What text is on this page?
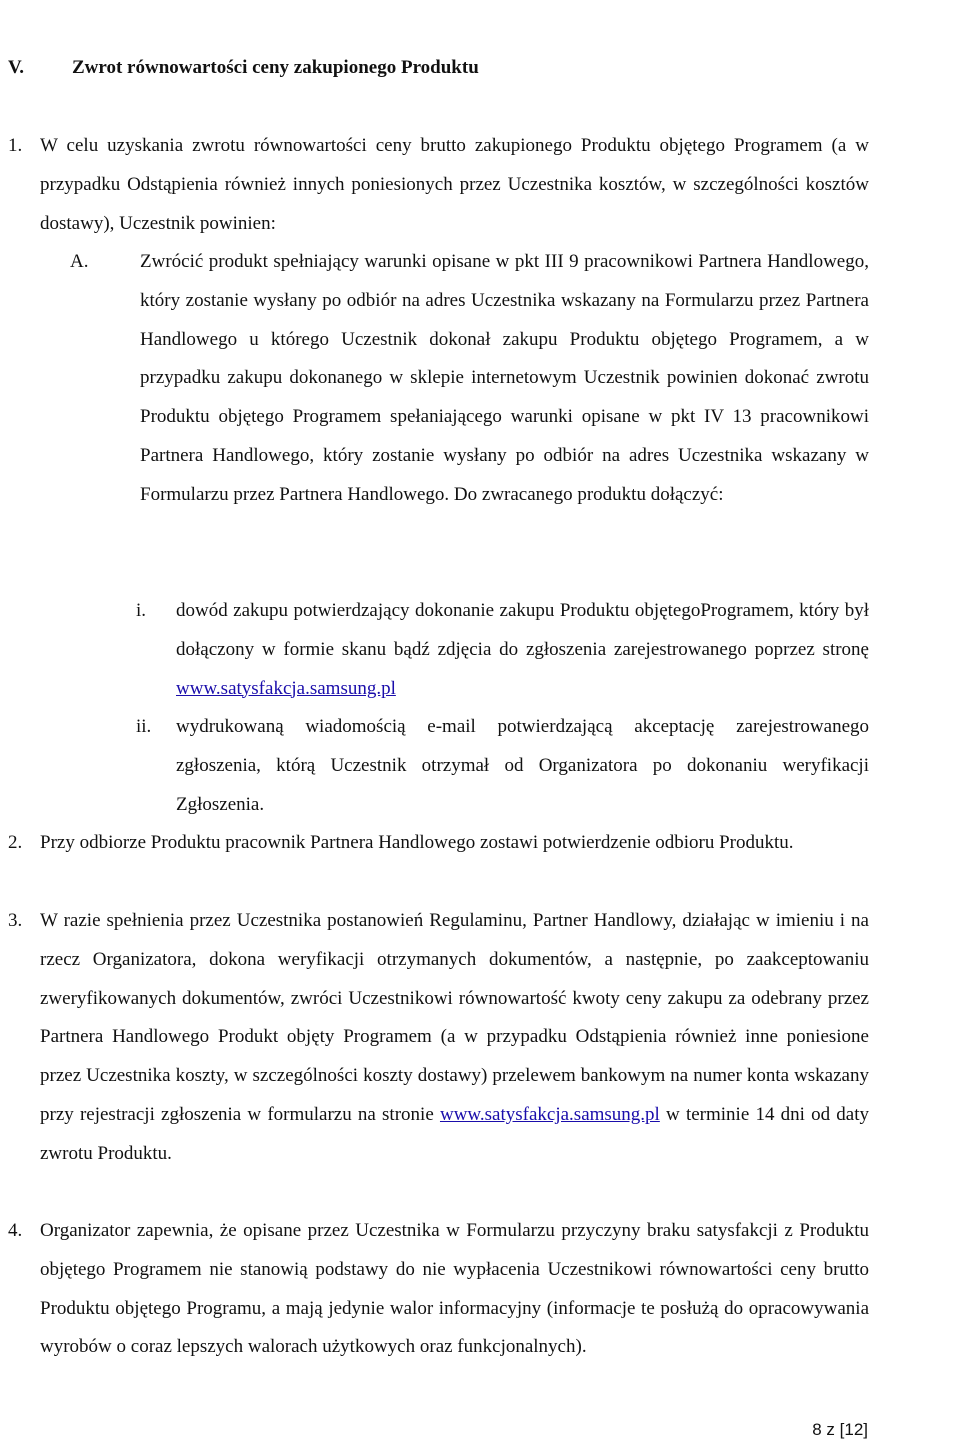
V.	Zwrot równowartości ceny zakupionego Produktu
1. W celu uzyskania zwrotu równowartości ceny brutto zakupionego Produktu objętego Programem (a w przypadku Odstąpienia również innych poniesionych przez Uczestnika kosztów, w szczególności kosztów dostawy), Uczestnik powinien:
A.	Zwrócić produkt spełniający warunki opisane w pkt III 9 pracownikowi Partnera Handlowego, który zostanie wysłany po odbiór na adres Uczestnika wskazany na Formularzu przez Partnera Handlowego u którego Uczestnik dokonał zakupu Produktu objętego Programem, a w przypadku zakupu dokonanego w sklepie internetowym Uczestnik powinien dokonać zwrotu Produktu objętego Programem spełaniającego warunki opisane w pkt IV 13 pracownikowi Partnera Handlowego, który zostanie wysłany po odbiór na adres Uczestnika wskazany w Formularzu przez Partnera Handlowego. Do zwracanego produktu dołączyć:
i. dowód zakupu potwierdzający dokonanie zakupu Produktu objętegoProgramem, który był dołączony w formie skanu bądź zdjęcia do zgłoszenia zarejestrowanego poprzez stronę www.satysfakcja.samsung.pl
ii. wydrukowaną wiadomością e-mail potwierdzającą akceptację zarejestrowanego zgłoszenia, którą Uczestnik otrzymał od Organizatora po dokonaniu weryfikacji Zgłoszenia.
2. Przy odbiorze Produktu pracownik Partnera Handlowego zostawi potwierdzenie odbioru Produktu.
3. W razie spełnienia przez Uczestnika postanowień Regulaminu, Partner Handlowy, działając w imieniu i na rzecz Organizatora, dokona weryfikacji otrzymanych dokumentów, a następnie, po zaakceptowaniu zweryfikowanych dokumentów, zwróci Uczestnikowi równowartość kwoty ceny zakupu za odebrany przez Partnera Handlowego Produkt objęty Programem (a w przypadku Odstąpienia również inne poniesione przez Uczestnika koszty, w szczególności koszty dostawy) przelewem bankowym na numer konta wskazany przy rejestracji zgłoszenia w formularzu na stronie www.satysfakcja.samsung.pl w terminie 14 dni od daty zwrotu Produktu.
4. Organizator zapewnia, że opisane przez Uczestnika w Formularzu przyczyny braku satysfakcji z Produktu objętego Programem nie stanowią podstawy do nie wypłacenia Uczestnikowi równowartości ceny brutto Produktu objętego Programu, a mają jedynie walor informacyjny (informacje te posłużą do opracowywania wyrobów o coraz lepszych walorach użytkowych oraz funkcjonalnych).
8 z [12]
